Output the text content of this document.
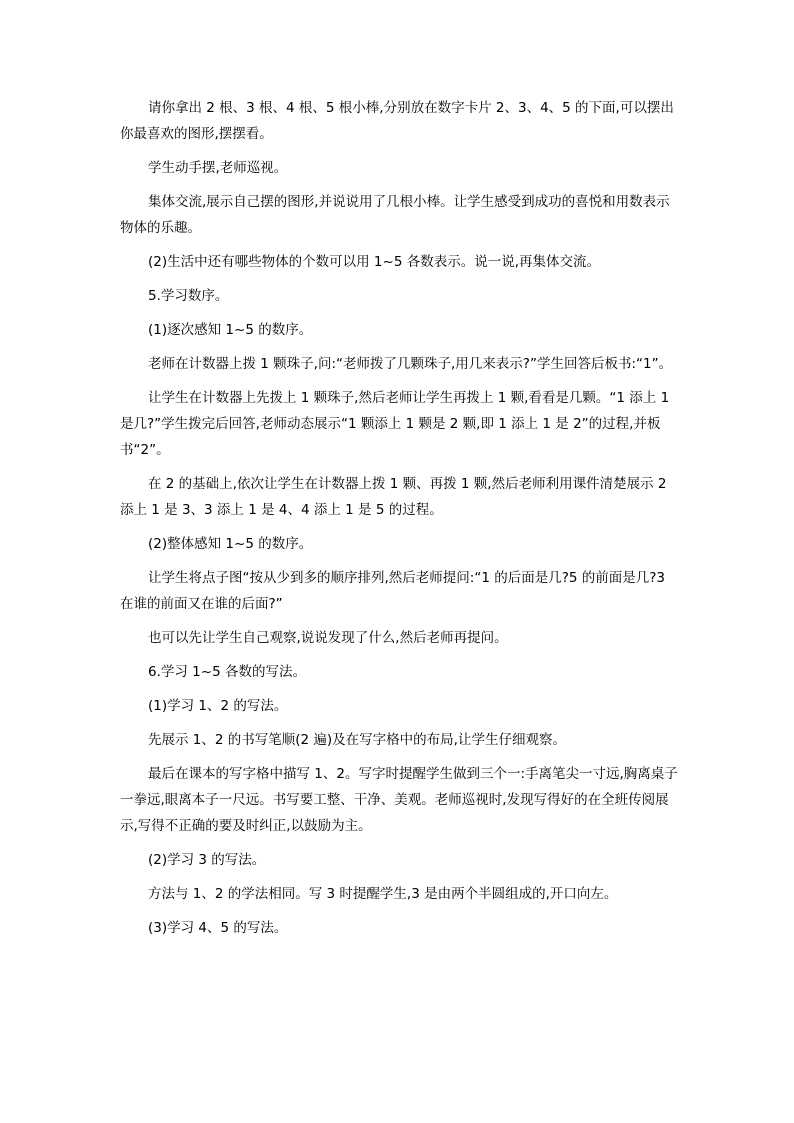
请你拿出 2 根、3 根、4 根、5 根小棒,分别放在数字卡片 2、3、4、5 的下面,可以摆出你最喜欢的图形,摆摆看。

学生动手摆,老师巡视。

集体交流,展示自己摆的图形,并说说用了几根小棒。让学生感受到成功的喜悦和用数表示物体的乐趣。

(2)生活中还有哪些物体的个数可以用 1~5 各数表示。说一说,再集体交流。

5.学习数序。

(1)逐次感知 1~5 的数序。

老师在计数器上拨 1 颗珠子,问:“老师拨了几颗珠子,用几来表示?”学生回答后板书:“1”。

让学生在计数器上先拨上 1 颗珠子,然后老师让学生再拨上 1 颗,看看是几颗。“1 添上 1 是几?”学生拨完后回答,老师动态展示“1 颗添上 1 颗是 2 颗,即 1 添上 1 是 2”的过程,并板书“2”。

在 2 的基础上,依次让学生在计数器上拨 1 颗、再拨 1 颗,然后老师利用课件清楚展示 2 添上 1 是 3、3 添上 1 是 4、4 添上 1 是 5 的过程。

(2)整体感知 1~5 的数序。

让学生将点子图“按从少到多的顺序排列,然后老师提问:“1 的后面是几?5 的前面是几?3 在谁的前面又在谁的后面?”

也可以先让学生自己观察,说说发现了什么,然后老师再提问。

6.学习 1~5 各数的写法。

(1)学习 1、2 的写法。

先展示 1、2 的书写笔顺(2 遍)及在写字格中的布局,让学生仔细观察。

最后在课本的写字格中描写 1、2。写字时提醒学生做到三个一:手离笔尖一寸远,胸离桌子一拳远,眼离本子一尺远。书写要工整、干净、美观。老师巡视时,发现写得好的在全班传阅展示,写得不正确的要及时纠正,以鼓励为主。

(2)学习 3 的写法。

方法与 1、2 的学法相同。写 3 时提醒学生,3 是由两个半圆组成的,开口向左。

(3)学习 4、5 的写法。
